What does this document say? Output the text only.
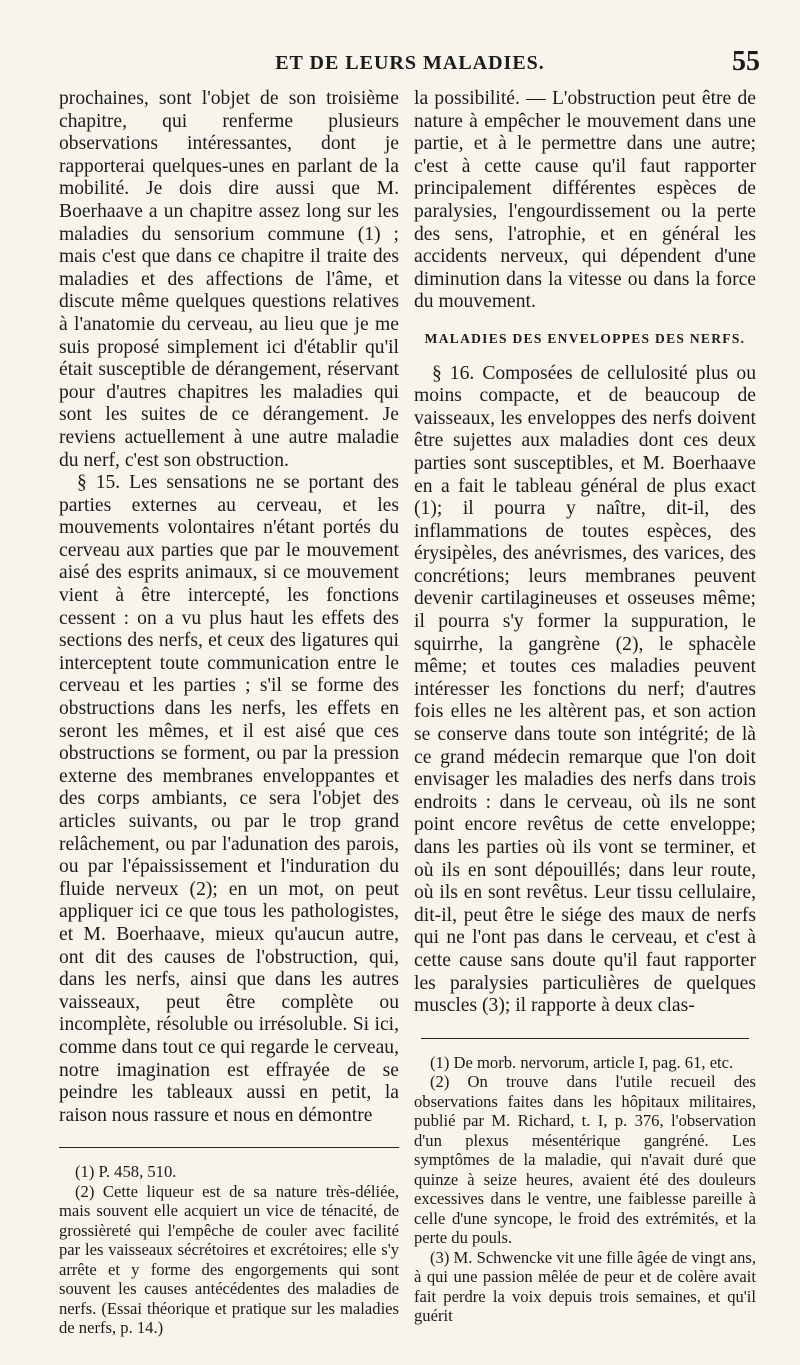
ET DE LEURS MALADIES.	55

prochaines, sont l'objet de son troisième chapitre, qui renferme plusieurs observations intéressantes, dont je rapporterai quelques-unes en parlant de la mobilité. Je dois dire aussi que M. Boerhaave a un chapitre assez long sur les maladies du sensorium commune (1) ; mais c'est que dans ce chapitre il traite des maladies et des affections de l'âme, et discute même quelques questions relatives à l'anatomie du cerveau, au lieu que je me suis proposé simplement ici d'établir qu'il était susceptible de dérangement, réservant pour d'autres chapitres les maladies qui sont les suites de ce dérangement. Je reviens actuellement à une autre maladie du nerf, c'est son obstruction.

§ 15. Les sensations ne se portant des parties externes au cerveau, et les mouvements volontaires n'étant portés du cerveau aux parties que par le mouvement aisé des esprits animaux, si ce mouvement vient à être intercepté, les fonctions cessent : on a vu plus haut les effets des sections des nerfs, et ceux des ligatures qui interceptent toute communication entre le cerveau et les parties ; s'il se forme des obstructions dans les nerfs, les effets en seront les mêmes, et il est aisé que ces obstructions se forment, ou par la pression externe des membranes enveloppantes et des corps ambiants, ce sera l'objet des articles suivants, ou par le trop grand relâchement, ou par l'adunation des parois, ou par l'épaississement et l'induration du fluide nerveux (2); en un mot, on peut appliquer ici ce que tous les pathologistes, et M. Boerhaave, mieux qu'aucun autre, ont dit des causes de l'obstruction, qui, dans les nerfs, ainsi que dans les autres vaisseaux, peut être complète ou incomplète, résoluble ou irrésoluble. Si ici, comme dans tout ce qui regarde le cerveau, notre imagination est effrayée de se peindre les tableaux aussi en petit, la raison nous rassure et nous en démontre

(1) P. 458, 510.

(2) Cette liqueur est de sa nature très-déliée, mais souvent elle acquiert un vice de ténacité, de grossièreté qui l'empêche de couler avec facilité par les vaisseaux sécrétoires et excrétoires; elle s'y arrête et y forme des engorgements qui sont souvent les causes antécédentes des maladies de nerfs. (Essai théorique et pratique sur les maladies de nerfs, p. 14.)

la possibilité. — L'obstruction peut être de nature à empêcher le mouvement dans une partie, et à le permettre dans une autre; c'est à cette cause qu'il faut rapporter principalement différentes espèces de paralysies, l'engourdissement ou la perte des sens, l'atrophie, et en général les accidents nerveux, qui dépendent d'une diminution dans la vitesse ou dans la force du mouvement.

MALADIES DES ENVELOPPES DES NERFS.

§ 16. Composées de cellulosité plus ou moins compacte, et de beaucoup de vaisseaux, les enveloppes des nerfs doivent être sujettes aux maladies dont ces deux parties sont susceptibles, et M. Boerhaave en a fait le tableau général de plus exact (1); il pourra y naître, dit-il, des inflammations de toutes espèces, des érysipèles, des anévrismes, des varices, des concrétions; leurs membranes peuvent devenir cartilagineuses et osseuses même; il pourra s'y former la suppuration, le squirrhe, la gangrène (2), le sphacèle même; et toutes ces maladies peuvent intéresser les fonctions du nerf; d'autres fois elles ne les altèrent pas, et son action se conserve dans toute son intégrité; de là ce grand médecin remarque que l'on doit envisager les maladies des nerfs dans trois endroits : dans le cerveau, où ils ne sont point encore revêtus de cette enveloppe; dans les parties où ils vont se terminer, et où ils en sont dépouillés; dans leur route, où ils en sont revêtus. Leur tissu cellulaire, dit-il, peut être le siége des maux de nerfs qui ne l'ont pas dans le cerveau, et c'est à cette cause sans doute qu'il faut rapporter les paralysies particulières de quelques muscles (3); il rapporte à deux clas-

(1) De morb. nervorum, article I, pag. 61, etc.

(2) On trouve dans l'utile recueil des observations faites dans les hôpitaux militaires, publié par M. Richard, t. I, p. 376, l'observation d'un plexus mésentérique gangréné. Les symptômes de la maladie, qui n'avait duré que quinze à seize heures, avaient été des douleurs excessives dans le ventre, une faiblesse pareille à celle d'une syncope, le froid des extrémités, et la perte du pouls.

(3) M. Schwencke vit une fille âgée de vingt ans, à qui une passion mêlée de peur et de colère avait fait perdre la voix depuis trois semaines, et qu'il guérit
